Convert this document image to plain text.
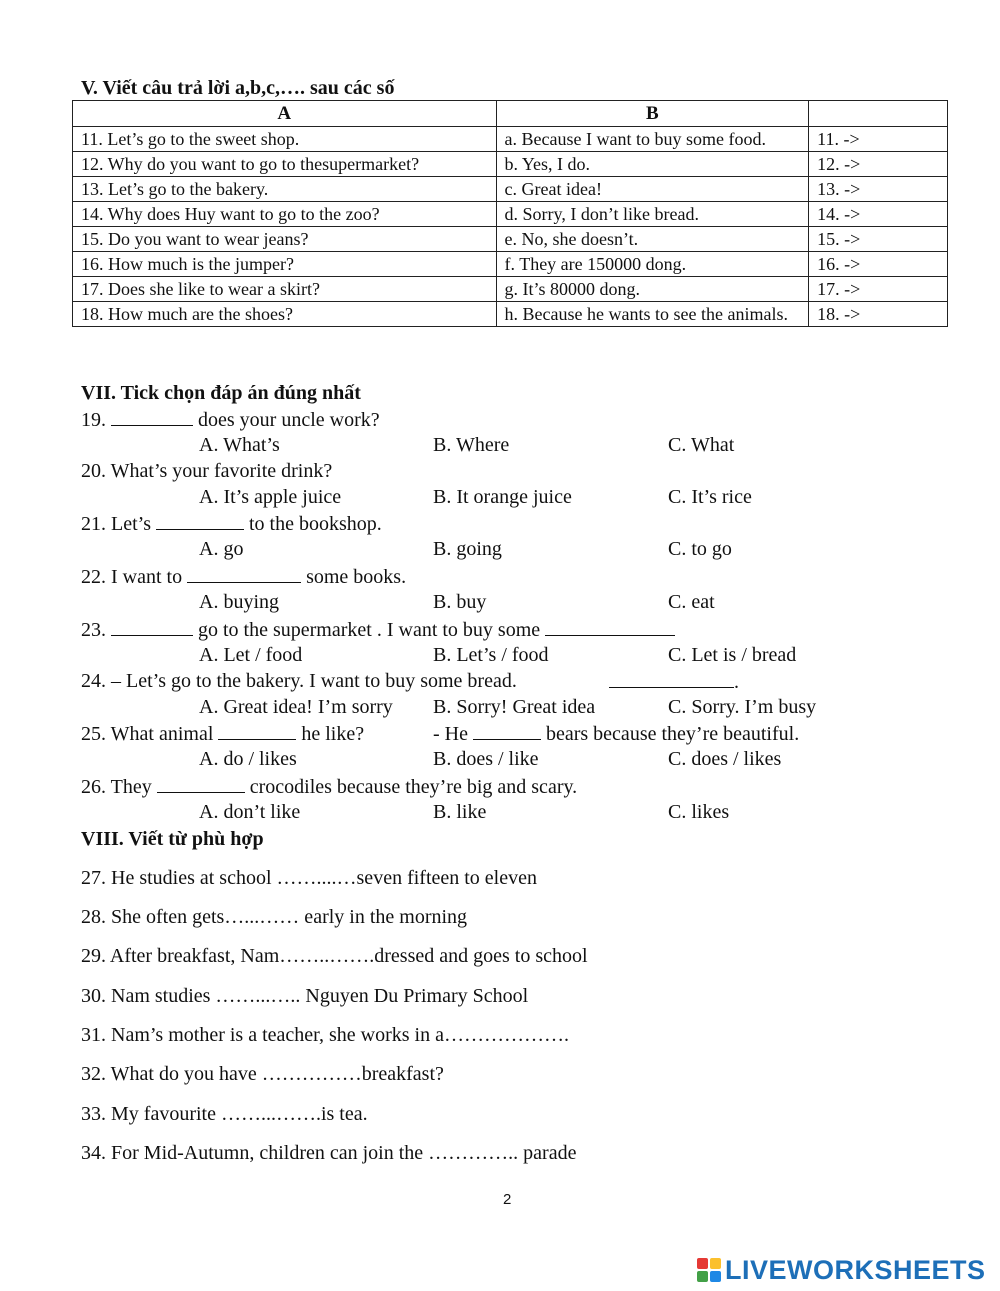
V. Viết câu trả lời a,b,c,…. sau các số
A	B	
11. Let’s go to the sweet shop.	a. Because I want to buy some food.	11. ->
12. Why do you want to go to thesupermarket?	b. Yes, I do.	12. ->
13. Let’s go to the bakery.	c. Great idea!	13. ->
14. Why does Huy want to go to the zoo?	d. Sorry, I don’t like bread.	14. ->
15. Do you want to wear jeans?	e. No, she doesn’t.	15. ->
16. How much is the jumper?	f. They are 150000 dong.	16. ->
17. Does she like to wear a skirt?	g. It’s 80000 dong.	17. ->
18. How much are the shoes?	h. Because he wants to see the animals.	18. ->
VII. Tick chọn đáp án đúng nhất
19.	does your uncle work?
A. What’s	B. Where	C. What
20. What’s your favorite drink?
A. It’s apple juice	B. It orange juice	C. It’s rice
21. Let’s	to the bookshop.
A. go	B. going	C. to go
22. I want to	some books.
A. buying	B. buy	C. eat
23.	go to the supermarket . I want to buy some
A. Let / food	B. Let’s / food	C. Let is / bread
24. – Let’s go to the bakery. I want to buy some bread.	.
A. Great idea! I’m sorry B. Sorry! Great idea	C. Sorry. I’m busy
25. What animal	he like?	- He	bears because they’re beautiful.
A. do / likes	B. does / like	C. does / likes
26. They	crocodiles because they’re big and scary.
A. don’t like	B. like	C. likes
VIII. Viết từ phù hợp
27. He studies at school ……....…seven fifteen to eleven
28. She often gets…...…… early in the morning
29. After breakfast, Nam……..…….dressed and goes to school
30. Nam studies ……...….. Nguyen Du Primary School
31. Nam’s mother is a teacher, she works in a……………….
32. What do you have ……………breakfast?
33. My favourite ……...…….is tea.
34. For Mid-Autumn, children can join the ………….. parade
2
LIVEWORKSHEETS
